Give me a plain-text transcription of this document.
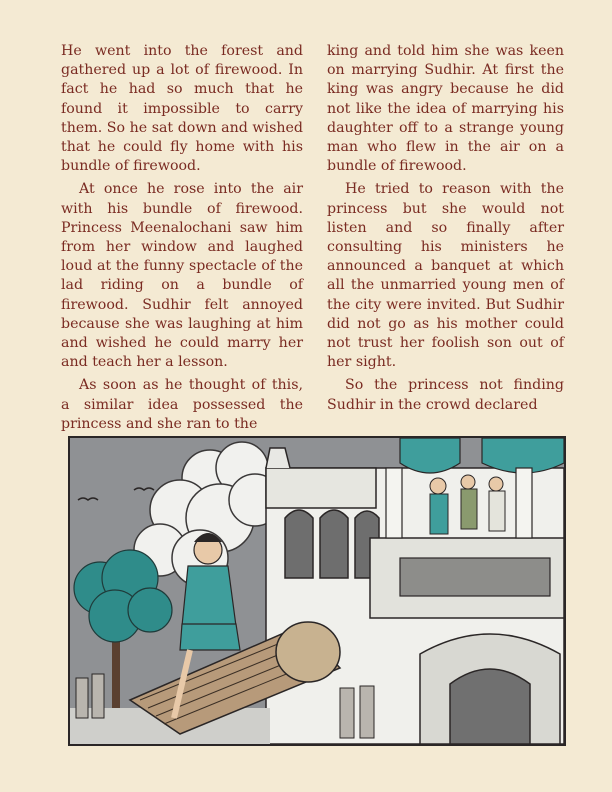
He went into the forest and gathered up a lot of firewood. In fact he had so much that he found it impossible to carry them. So he sat down and wished that he could fly home with his bundle of firewood.

At once he rose into the air with his bundle of firewood. Princess Meenalochani saw him from her window and laughed loud at the funny spectacle of the lad riding on a bundle of firewood. Sudhir felt annoyed because she was laughing at him and wished he could marry her and teach her a lesson.

As soon as he thought of this, a similar idea possessed the princess and she ran to the

king and told him she was keen on marrying Sudhir. At first the king was angry because he did not like the idea of marrying his daughter off to a strange young man who flew in the air on a bundle of firewood.

He tried to reason with the princess but she would not listen and so finally after consulting his ministers he announced a banquet at which all the unmarried young men of the city were invited. But Sudhir did not go as his mother could not trust her foolish son out of her sight.

So the princess not finding Sudhir in the crowd declared
